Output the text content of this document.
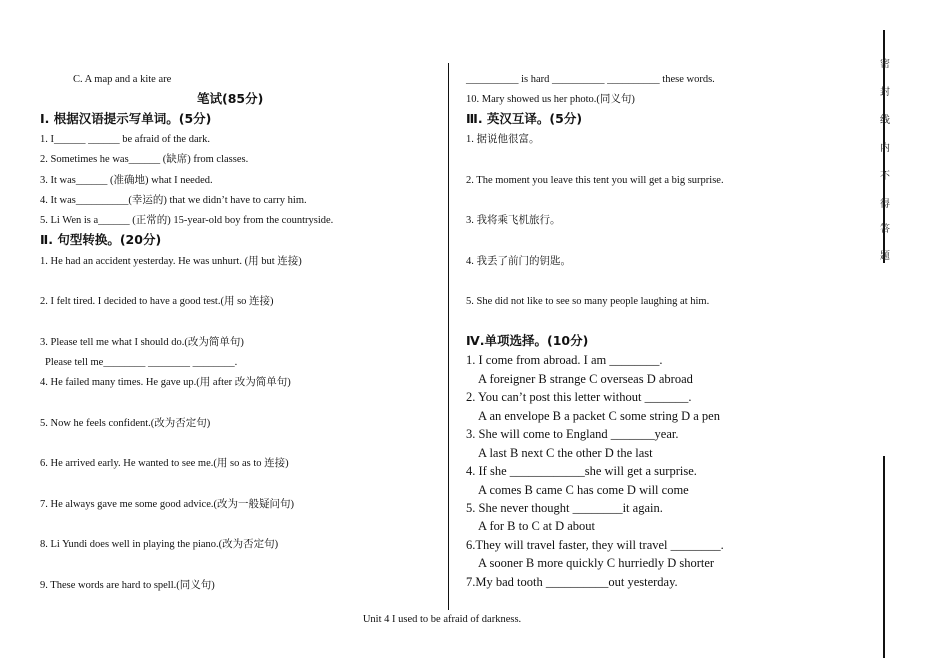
C. A map and a kite are
笔试(85分)
Ⅰ. 根据汉语提示写单词。(5分)
1. I______ ______ be afraid of the dark.
2. Sometimes he was______ (缺席) from classes.
3. It was______ (准确地) what I needed.
4. It was__________(幸运的) that we didn’t have to carry him.
5. Li Wen is a______ (正常的) 15-year-old boy from the countryside.
Ⅱ. 句型转换。(20分)
1. He had an accident yesterday. He was unhurt. (用 but 连接)
2. I felt tired. I decided to have a good test.(用 so 连接)
3. Please tell me what I should do.(改为简单句)
Please tell me________ ________ ________.
4. He failed many times. He gave up.(用 after 改为简单句)
5. Now he feels confident.(改为否定句)
6. He arrived early. He wanted to see me.(用 so as to 连接)
7. He always gave me some good advice.(改为一般疑问句)
8. Li Yundi does well in playing the piano.(改为否定句)
9. These words are hard to spell.(同义句)
__________ is hard __________ __________ these words.
10. Mary showed us her photo.(同义句)
Ⅲ. 英汉互译。(5分)
1. 据说他很富。
2. The moment you leave this tent you will get a big surprise.
3. 我将乘飞机旅行。
4. 我丢了前门的钥匙。
5. She did not like to see so many people laughing at him.
Ⅳ.单项选择。(10分)
1. I come from abroad. I am ________.
A foreigner B strange C overseas D abroad
2. You can’t post this letter without _______.
A an envelope B a packet C some string D a pen
3. She will come to England _______year.
A last B next C the other D the last
4. If she ____________she will get a surprise.
A comes B came C has come D will come
5. She never thought ________it again.
A for B to C at D about
6.They will travel faster, they will travel ________.
A sooner B more quickly C hurriedly D shorter
7.My bad tooth __________out yesterday.
Unit 4 I used to be afraid of darkness.
密
封
线
内
不
得
答
题
